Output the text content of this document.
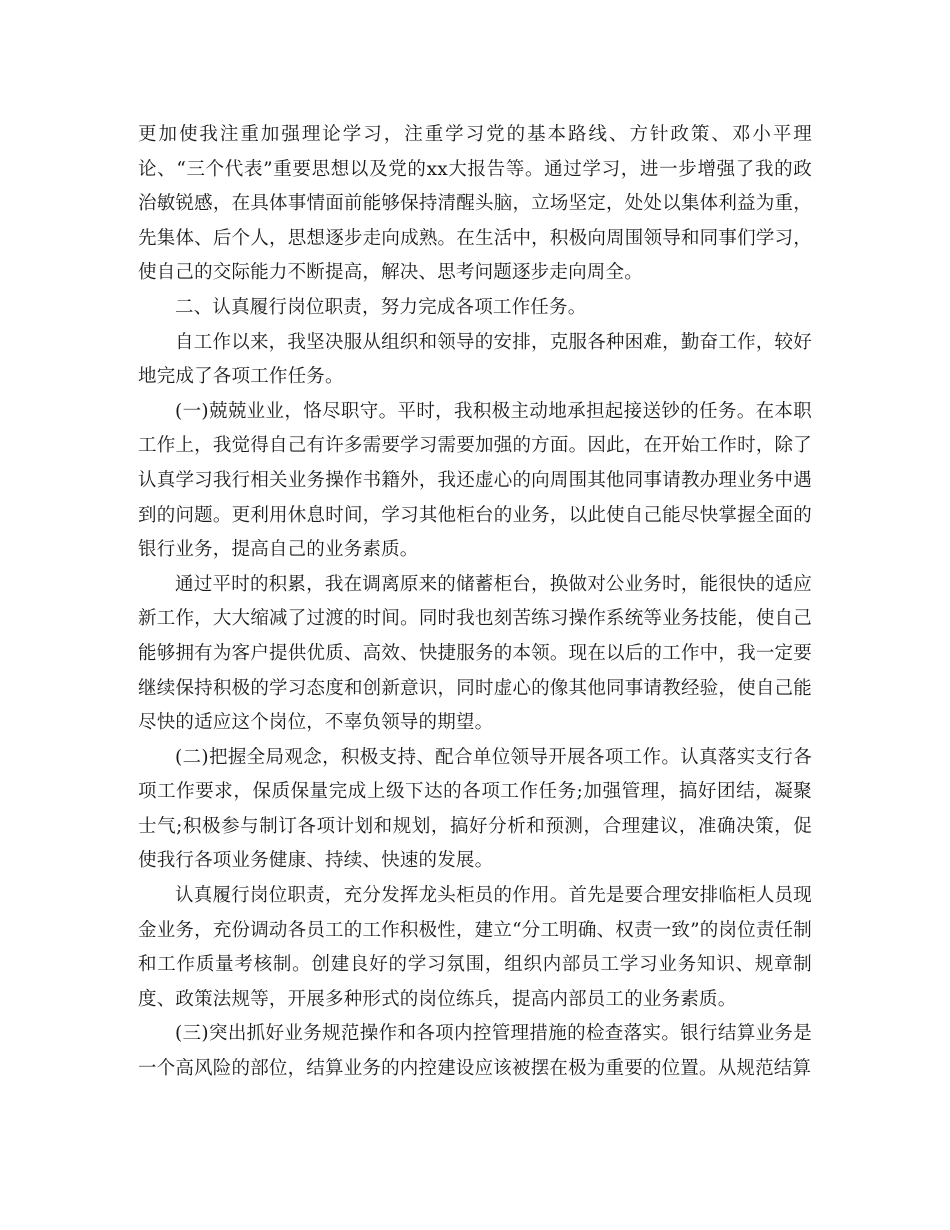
更加使我注重加强理论学习，注重学习党的基本路线、方针政策、邓小平理论、“三个代表”重要思想以及党的xx大报告等。通过学习，进一步增强了我的政治敏锐感，在具体事情面前能够保持清醒头脑，立场坚定，处处以集体利益为重，先集体、后个人，思想逐步走向成熟。在生活中，积极向周围领导和同事们学习，使自己的交际能力不断提高，解决、思考问题逐步走向周全。

二、认真履行岗位职责，努力完成各项工作任务。

自工作以来，我坚决服从组织和领导的安排，克服各种困难，勤奋工作，较好地完成了各项工作任务。

(一)兢兢业业，恪尽职守。平时，我积极主动地承担起接送钞的任务。在本职工作上，我觉得自己有许多需要学习需要加强的方面。因此，在开始工作时，除了认真学习我行相关业务操作书籍外，我还虚心的向周围其他同事请教办理业务中遇到的问题。更利用休息时间，学习其他柜台的业务，以此使自己能尽快掌握全面的银行业务，提高自己的业务素质。

通过平时的积累，我在调离原来的储蓄柜台，换做对公业务时，能很快的适应新工作，大大缩减了过渡的时间。同时我也刻苦练习操作系统等业务技能，使自己能够拥有为客户提供优质、高效、快捷服务的本领。现在以后的工作中，我一定要继续保持积极的学习态度和创新意识，同时虚心的像其他同事请教经验，使自己能尽快的适应这个岗位，不辜负领导的期望。

(二)把握全局观念，积极支持、配合单位领导开展各项工作。认真落实支行各项工作要求，保质保量完成上级下达的各项工作任务;加强管理，搞好团结，凝聚士气;积极参与制订各项计划和规划，搞好分析和预测，合理建议，准确决策，促使我行各项业务健康、持续、快速的发展。

认真履行岗位职责，充分发挥龙头柜员的作用。首先是要合理安排临柜人员现金业务，充份调动各员工的工作积极性，建立“分工明确、权责一致”的岗位责任制和工作质量考核制。创建良好的学习氛围，组织内部员工学习业务知识、规章制度、政策法规等，开展多种形式的岗位练兵，提高内部员工的业务素质。

(三)突出抓好业务规范操作和各项内控管理措施的检查落实。银行结算业务是一个高风险的部位，结算业务的内控建设应该被摆在极为重要的位置。从规范结算
